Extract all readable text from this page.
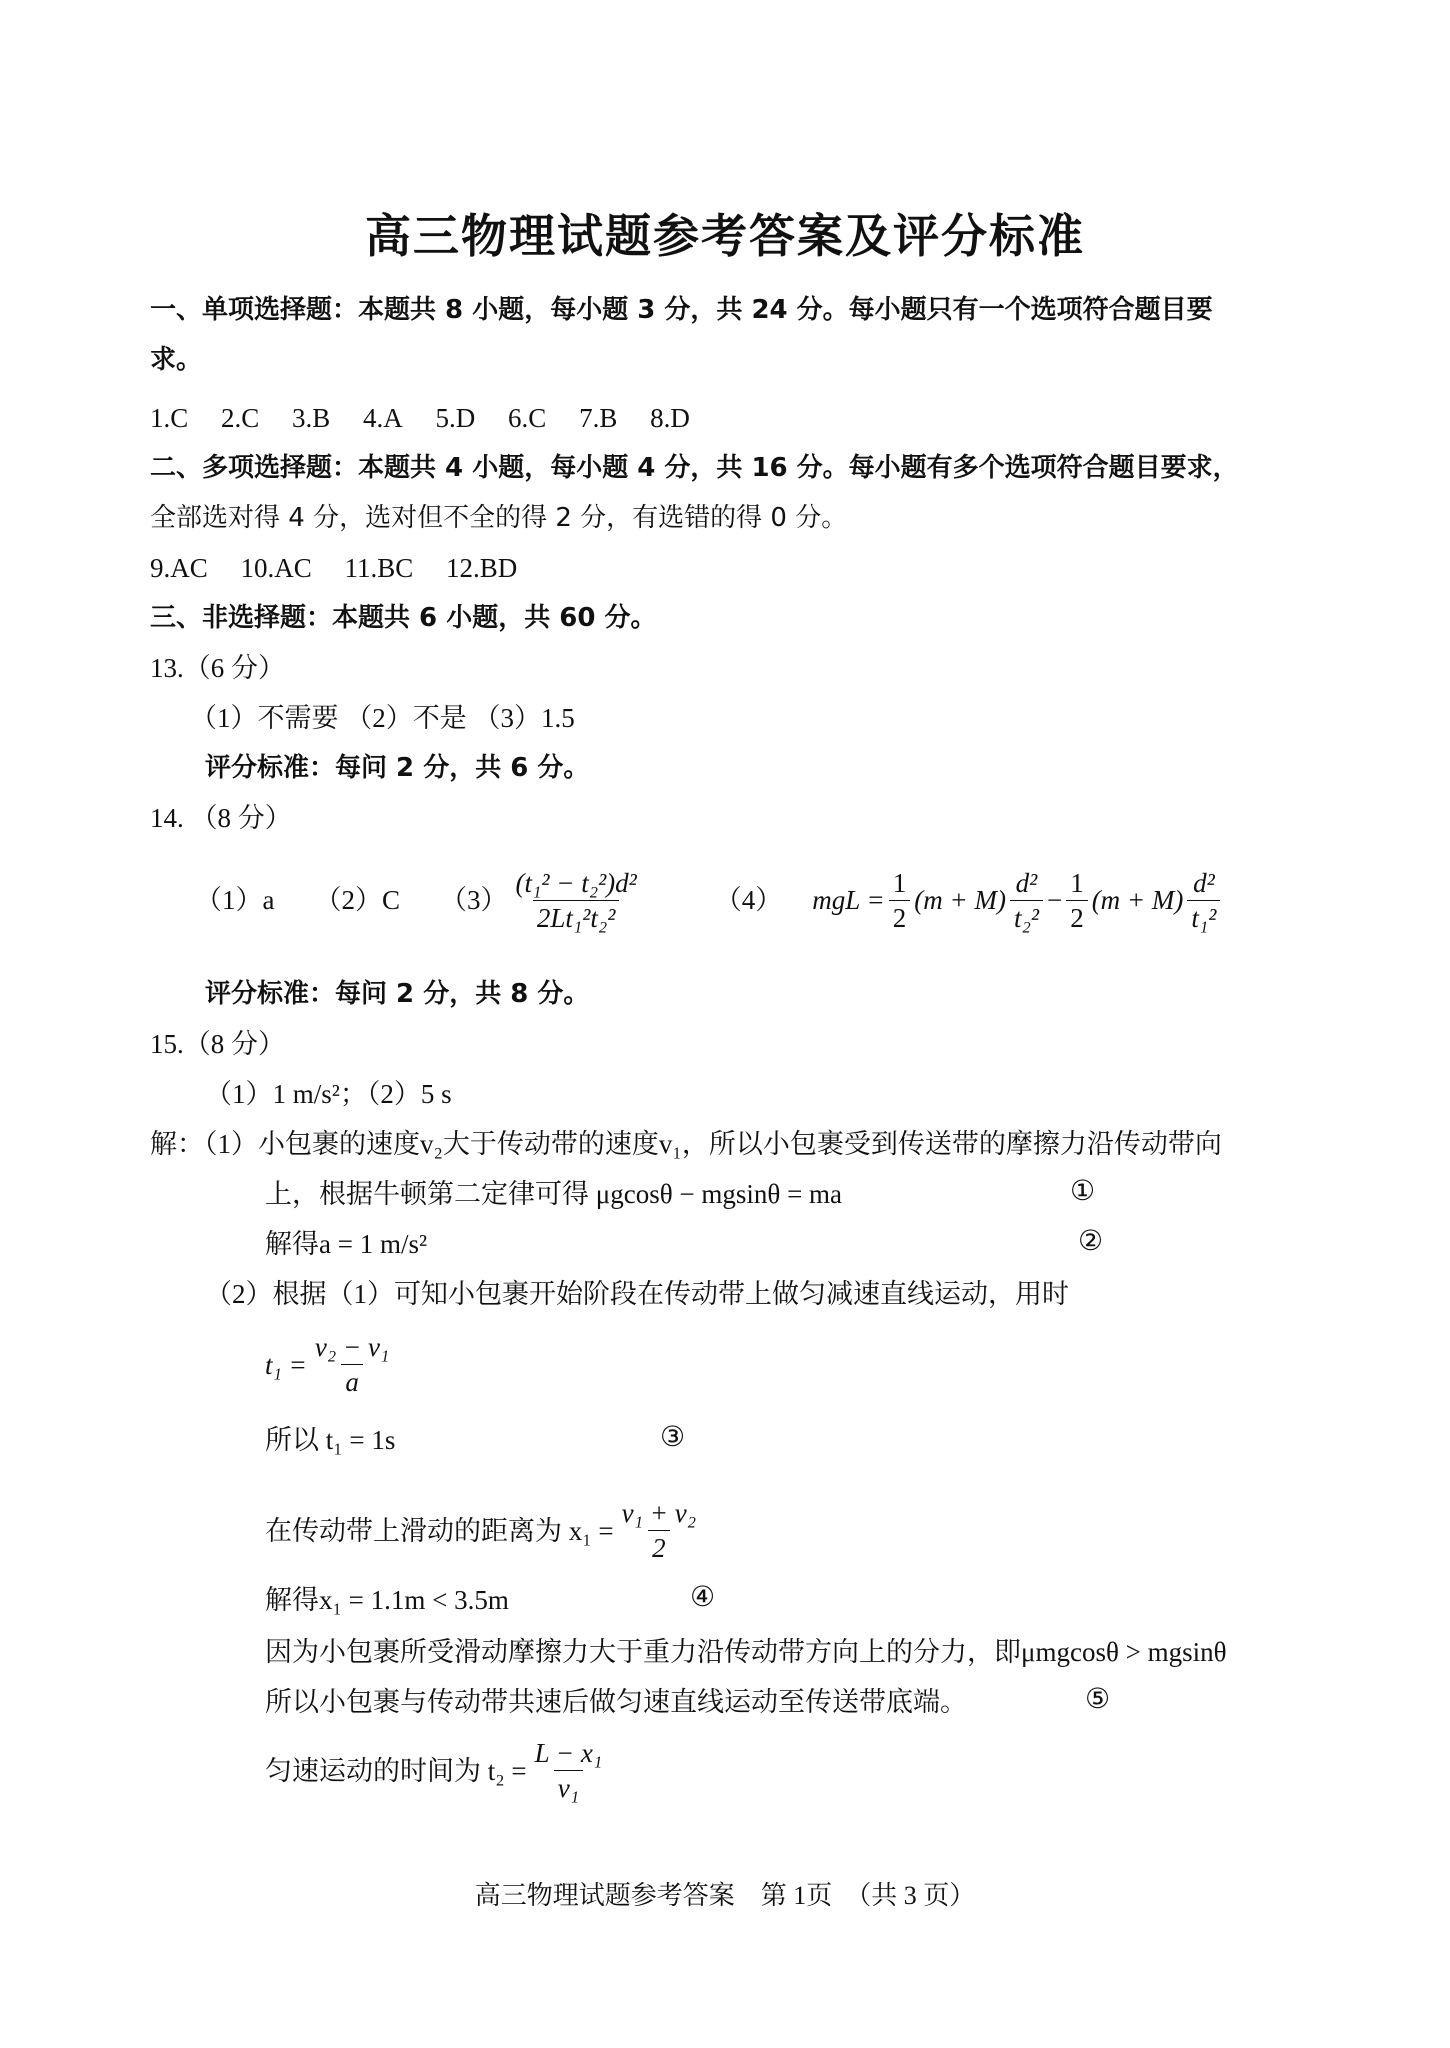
高三物理试题参考答案及评分标准
一、单项选择题：本题共 8 小题，每小题 3 分，共 24 分。每小题只有一个选项符合题目要
求。
1.C 2.C 3.B 4.A 5.D 6.C 7.B 8.D
二、多项选择题：本题共 4 小题，每小题 4 分，共 16 分。每小题有多个选项符合题目要求，
全部选对得 4 分，选对但不全的得 2 分，有选错的得 0 分。
9.AC 10.AC 11.BC 12.BD
三、非选择题：本题共 6 小题，共 60 分。
13.（6 分）
（1）不需要 （2）不是 （3）1.5
评分标准：每问 2 分，共 6 分。
14. （8 分）
（1）a （2）C $(3) \frac{\text{(t₁² − t₂²)d²}}{\text{2Lt₁²t₂²}}$	（4） mgL = $\frac{1}{2} (m + M) \frac{\text{d²}}{\text{t₂²}} - \frac{1}{2} (m + M) \frac{\text{d²}}{\text{t₁²}}$
评分标准：每问 2 分，共 8 分。
15.（8 分）
（1）1 m/s²；（2）5 s
解：（1）小包裹的速度v₂大于传动带的速度v₁，所以小包裹受到传送带的摩擦力沿传动带向
上，根据牛顿第二定律可得 μgcosθ − mgsinθ = ma	①
解得a = 1 m/s²	②
（2）根据（1）可知小包裹开始阶段在传动带上做匀减速直线运动，用时
$t_1 = \frac{\text{v₂ − v₁}}{a}$
所以 t₁ = 1s	③
在传动带上滑动的距离为 $x_1 = \frac{\text{v₁ + v₂}}{2}$
解得x₁ = 1.1m < 3.5m	④
因为小包裹所受滑动摩擦力大于重力沿传动带方向上的分力，即μmgcosθ > mgsinθ
所以小包裹与传动带共速后做匀速直线运动至传送带底端。	⑤
匀速运动的时间为 $t_2 = \frac{\text{L − x₁}}{\text{v₁}}$
高三物理试题参考答案　第 1页　（共 3 页）
